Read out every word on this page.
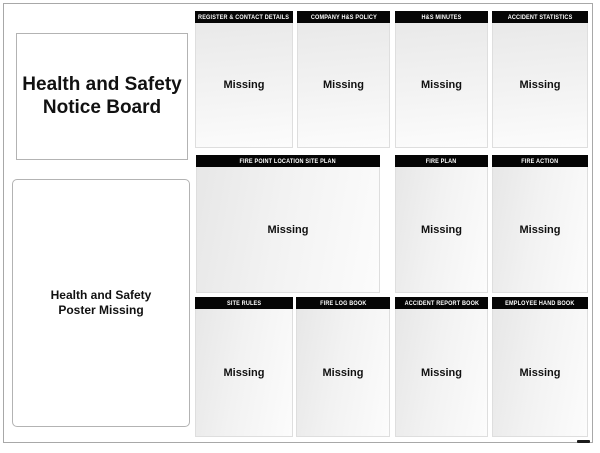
Health and Safety
Notice Board
Health and Safety
Poster Missing
REGISTER & CONTACT DETAILS
Missing
COMPANY H&S POLICY
Missing
H&S MINUTES
Missing
ACCIDENT STATISTICS
Missing
FIRE POINT LOCATION SITE PLAN
Missing
FIRE PLAN
Missing
FIRE ACTION
Missing
SITE RULES
Missing
FIRE LOG BOOK
Missing
ACCIDENT REPORT BOOK
Missing
EMPLOYEE HAND BOOK
Missing
